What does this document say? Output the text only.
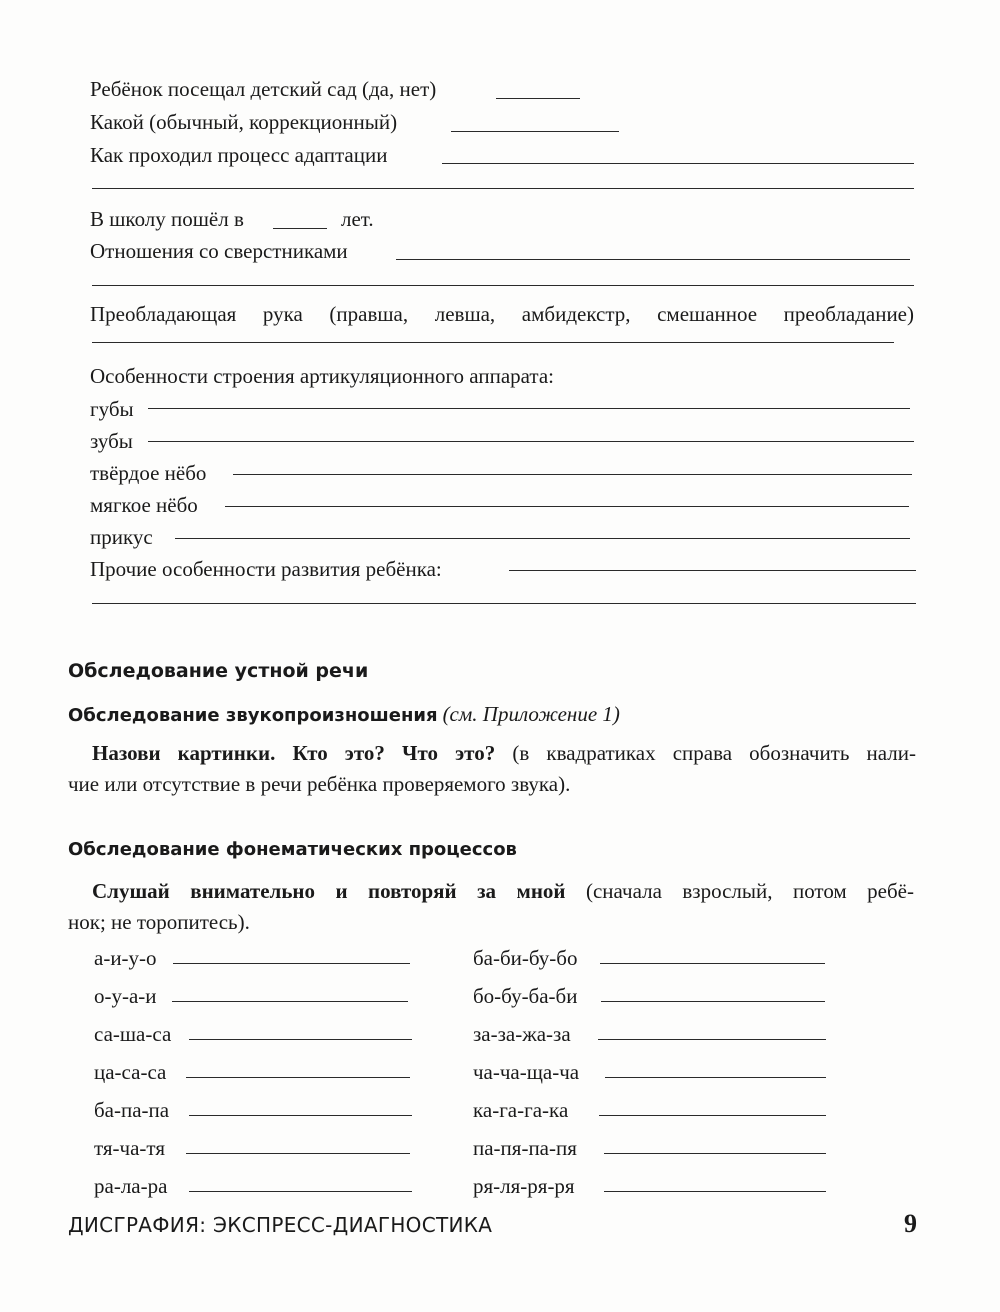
Ребёнок посещал детский сад (да, нет)
Какой (обычный, коррекционный)
Как проходил процесс адаптации
В школу пошёл в	лет.
Отношения со сверстниками
Преобладающая рука (правша, левша, амбидекстр, смешанное преобладание)
Особенности строения артикуляционного аппарата:
губы
зубы
твёрдое нёбо
мягкое нёбо
прикус
Прочие особенности развития ребёнка:
Обследование устной речи
Обследование звукопроизношения (см. Приложение 1)
Назови картинки. Кто это? Что это? (в квадратиках справа обозначить нали-
чие или отсутствие в речи ребёнка проверяемого звука).
Обследование фонематических процессов
Слушай внимательно и повторяй за мной (сначала взрослый, потом ребё-
нок; не торопитесь).
а-и-у-о
о-у-а-и
са-ша-са
ца-са-са
ба-па-па
тя-ча-тя
ра-ла-ра
ба-би-бу-бо
бо-бу-ба-би
за-за-жа-за
ча-ча-ща-ча
ка-га-га-ка
па-пя-па-пя
ря-ля-ря-ря
ДИСГРАФИЯ: ЭКСПРЕСС-ДИАГНОСТИКА	9
